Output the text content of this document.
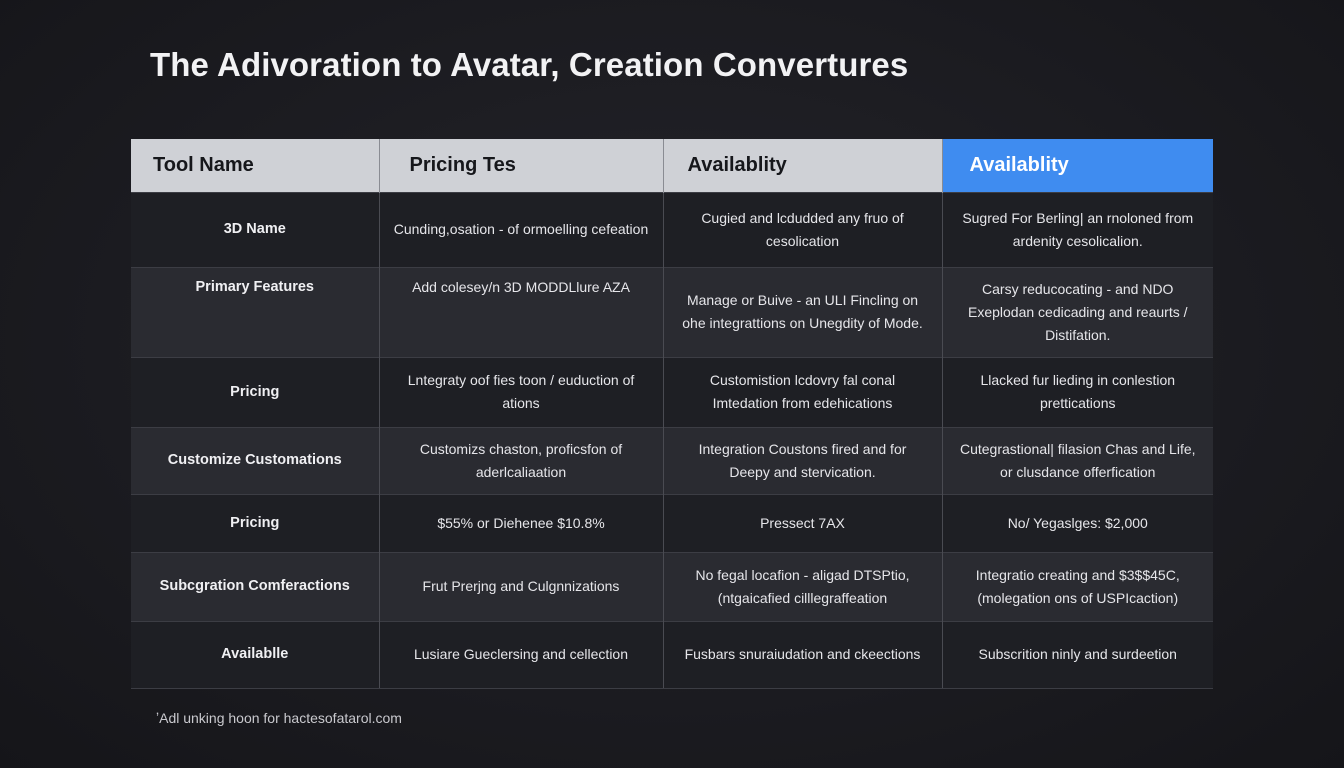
The Adivoration to Avatar, Creation Convertures
Tool Name	Pricing Tes	Availablity	Availablity
3D Name	Cunding,osation - of ormoelling cefeation	Cugied and lcdudded any fruo of cesolication	Sugred For Berling| an rnoloned from ardenity cesolicalion.
Primary Features	Add colesey/n 3D MODDLlure AZA	Manage or Buive - an ULI Fincling on ohe integrattions on Unegdity of Mode.	Carsy reducocating - and NDO Exeplodan cedicading and reaurts / Distifation.
Pricing	Lntegraty oof fies toon / euduction of ations	Customistion lcdovry fal conal Imtedation from edehications	Llacked fur lieding in conlestion prettications
Customize Customations	Customizs chaston, proficsfon of aderlcaliaation	Integration Coustons fired and for Deepy and stervication.	Cutegrastional| filasion Chas and Life, or clusdance offerfication
Pricing	$55% or Diehenee $10.8%	Pressect 7AX	No/ Yegaslges: $2,000
Subcgration Comferactions	Frut Prerjng and Culgnnizations	No fegal locafion - aligad DTSPtio, (ntgaicafied cilllegraffeation	Integratio creating and $3$$45C, (molegation ons of USPIcaction)
Availablle	Lusiare Gueclersing and cellection	Fusbars snuraiudation and ckeections	Subscrition ninly and surdeetion
ʼAdl unking hoon for hactesofatarol.com
